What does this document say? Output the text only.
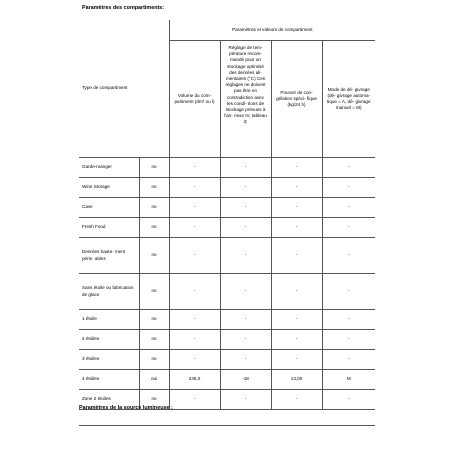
Paramètres des compartiments:
Type de compartiment		Paramètres et valeurs de compartiment			
		Volume du com- partiment (dm³ ou l)	Réglage de tem- pérature recom- mandé pour un stockage optimisé des denrées ali- mentaires (°C) Ces réglages ne doivent pas être en contradiction avec les condi- tions de stockage prévues à l'an- nexe IV, tableau 3;	Pouvoir de con- gélation spéci- fique (kg/24 h)	Mode de dé- givrage (dé- givrage automa- tique = A, dé- givrage manuel = M)
Garde-manger	no	-	-	-	-
Wine Storage	no	-	-	-	-
Cave	no	-	-	-	-
Fresh Food	no	-	-	-	-
Denrées haute- ment péris- ables	no	-	-	-	-
Sans étoile ou fabrication de glace	no	-	-	-	-
1 étoile	no	-	-	-	-
2 étoiles	no	-	-	-	-
3 étoiles	no	-	-	-	-
4 étoiles	oui	245,0	-18	13,00	M
Zone 2 étoiles	no	-	-	-	-
Paramètres de la source lumineuse :
